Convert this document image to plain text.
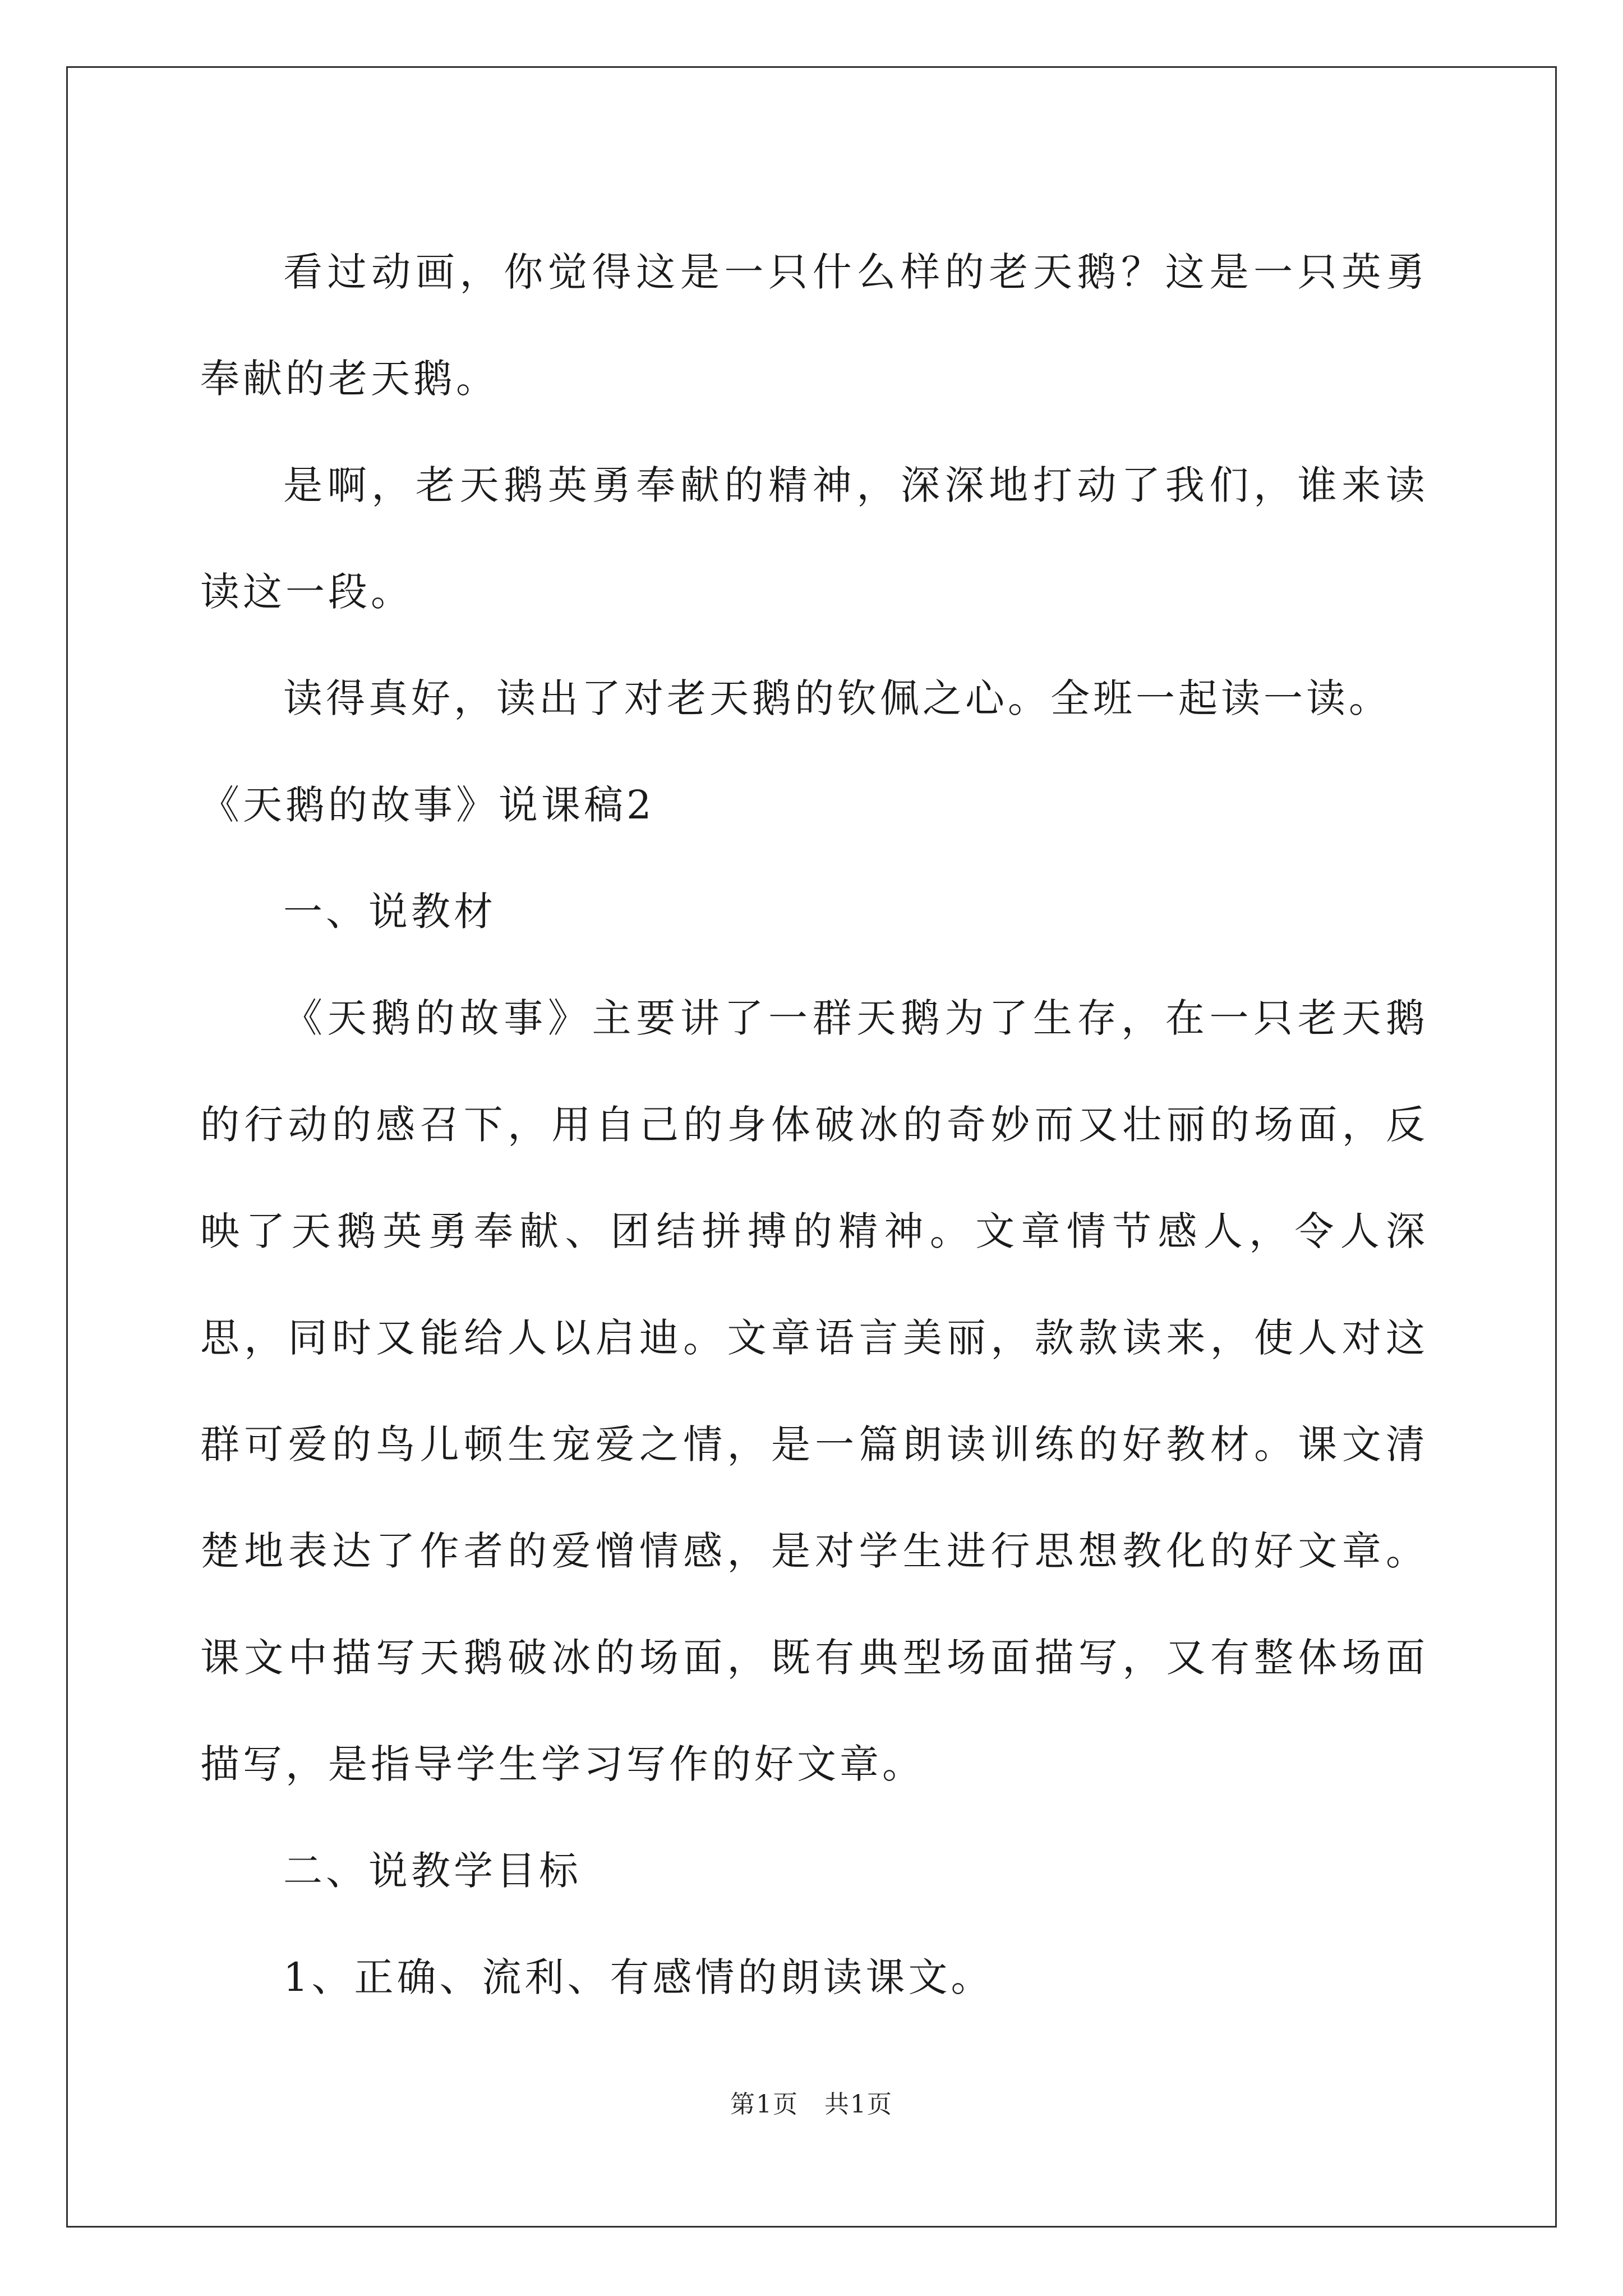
看过动画，你觉得这是一只什么样的老天鹅？这是一只英勇奉献的老天鹅。

是啊，老天鹅英勇奉献的精神，深深地打动了我们，谁来读读这一段。

读得真好，读出了对老天鹅的钦佩之心。全班一起读一读。

《天鹅的故事》说课稿2

一、说教材

《天鹅的故事》主要讲了一群天鹅为了生存，在一只老天鹅的行动的感召下，用自己的身体破冰的奇妙而又壮丽的场面，反映了天鹅英勇奉献、团结拼搏的精神。文章情节感人，令人深思，同时又能给人以启迪。文章语言美丽，款款读来，使人对这群可爱的鸟儿顿生宠爱之情，是一篇朗读训练的好教材。课文清楚地表达了作者的爱憎情感，是对学生进行思想教化的好文章。课文中描写天鹅破冰的场面，既有典型场面描写，又有整体场面描写，是指导学生学习写作的好文章。

二、说教学目标

1、正确、流利、有感情的朗读课文。

第1页　共1页
